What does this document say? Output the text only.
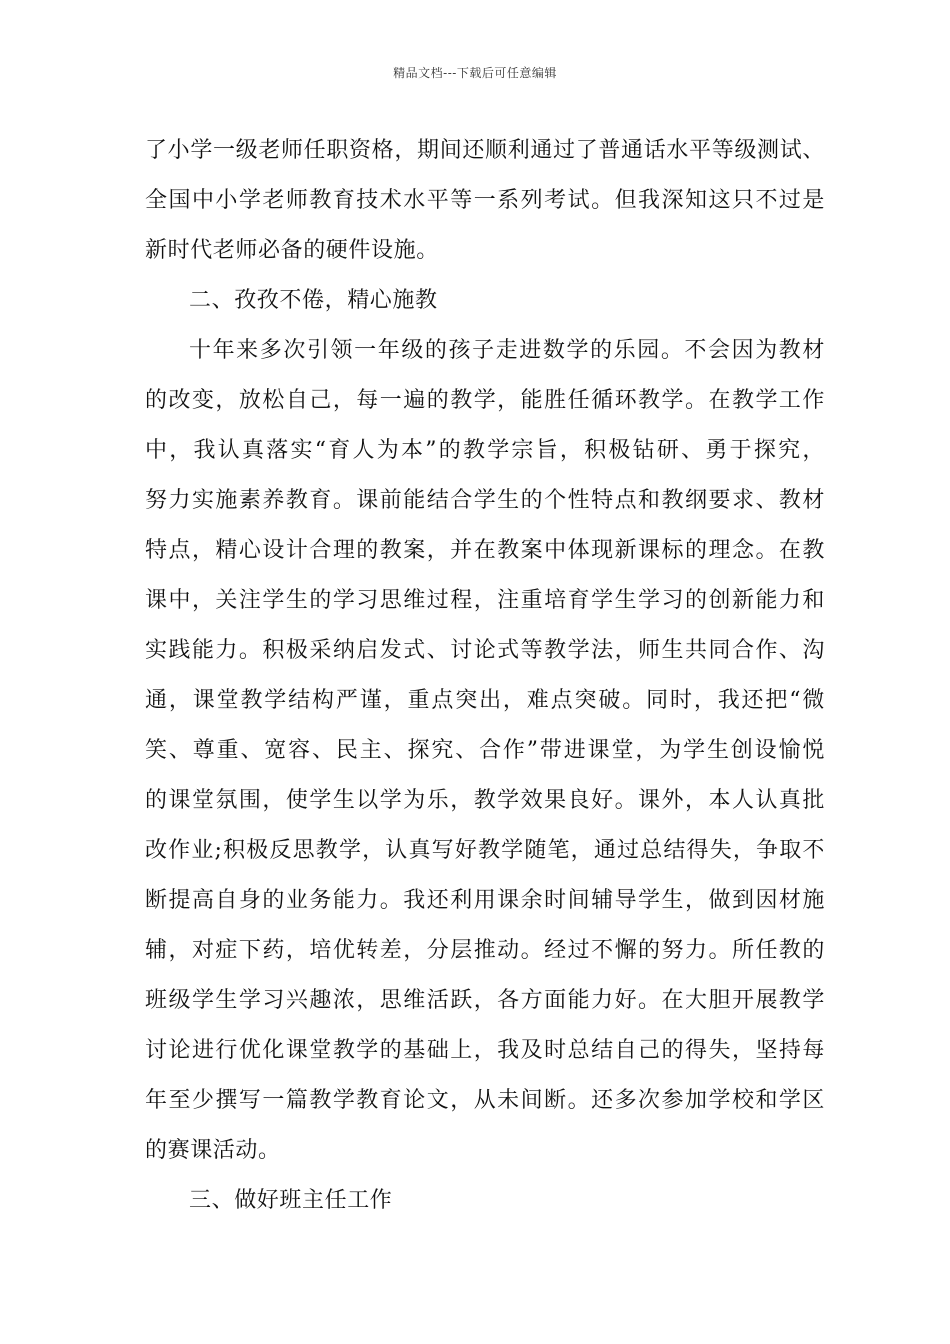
精品文档---下载后可任意编辑
了小学一级老师任职资格，期间还顺利通过了普通话水平等级测试、
全国中小学老师教育技术水平等一系列考试。但我深知这只不过是
新时代老师必备的硬件设施。
二、孜孜不倦，精心施教
十年来多次引领一年级的孩子走进数学的乐园。不会因为教材
的改变，放松自己，每一遍的教学，能胜任循环教学。在教学工作
中，我认真落实“育人为本”的教学宗旨，积极钻研、勇于探究，
努力实施素养教育。课前能结合学生的个性特点和教纲要求、教材
特点，精心设计合理的教案，并在教案中体现新课标的理念。在教
课中，关注学生的学习思维过程，注重培育学生学习的创新能力和
实践能力。积极采纳启发式、讨论式等教学法，师生共同合作、沟
通，课堂教学结构严谨，重点突出，难点突破。同时，我还把“微
笑、尊重、宽容、民主、探究、合作”带进课堂，为学生创设愉悦
的课堂氛围，使学生以学为乐，教学效果良好。课外，本人认真批
改作业;积极反思教学，认真写好教学随笔，通过总结得失，争取不
断提高自身的业务能力。我还利用课余时间辅导学生，做到因材施
辅，对症下药，培优转差，分层推动。经过不懈的努力。所任教的
班级学生学习兴趣浓，思维活跃，各方面能力好。在大胆开展教学
讨论进行优化课堂教学的基础上，我及时总结自己的得失，坚持每
年至少撰写一篇教学教育论文，从未间断。还多次参加学校和学区
的赛课活动。
三、做好班主任工作
